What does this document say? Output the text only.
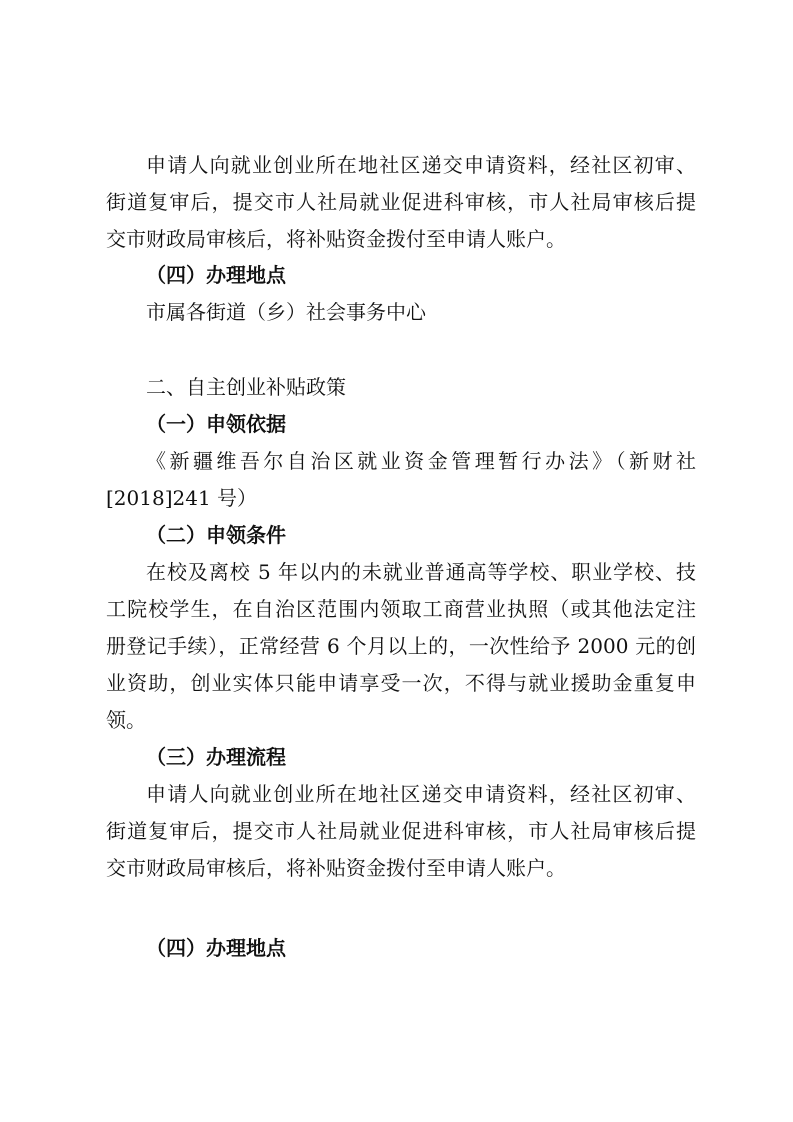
申请人向就业创业所在地社区递交申请资料，经社区初审、
街道复审后，提交市人社局就业促进科审核，市人社局审核后提
交市财政局审核后，将补贴资金拨付至申请人账户。
（四）办理地点
市属各街道（乡）社会事务中心
二、自主创业补贴政策
（一）申领依据
《新疆维吾尔自治区就业资金管理暂行办法》（新财社
[2018]241 号）
（二）申领条件
在校及离校 5 年以内的未就业普通高等学校、职业学校、技
工院校学生，在自治区范围内领取工商营业执照（或其他法定注
册登记手续），正常经营 6 个月以上的，一次性给予 2000 元的创
业资助，创业实体只能申请享受一次，不得与就业援助金重复申
领。
（三）办理流程
申请人向就业创业所在地社区递交申请资料，经社区初审、
街道复审后，提交市人社局就业促进科审核，市人社局审核后提
交市财政局审核后，将补贴资金拨付至申请人账户。
（四）办理地点
